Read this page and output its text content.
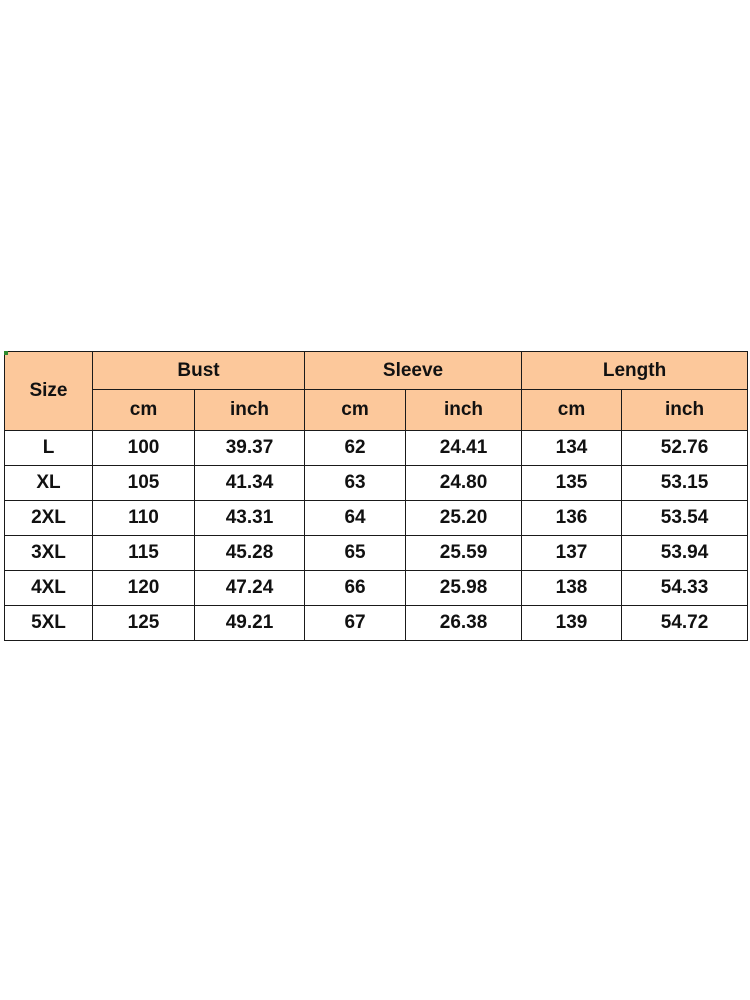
Size	Bust		Sleeve		Length	
	cm	inch	cm	inch	cm	inch
L	100	39.37	62	24.41	134	52.76
XL	105	41.34	63	24.80	135	53.15
2XL	110	43.31	64	25.20	136	53.54
3XL	115	45.28	65	25.59	137	53.94
4XL	120	47.24	66	25.98	138	54.33
5XL	125	49.21	67	26.38	139	54.72
